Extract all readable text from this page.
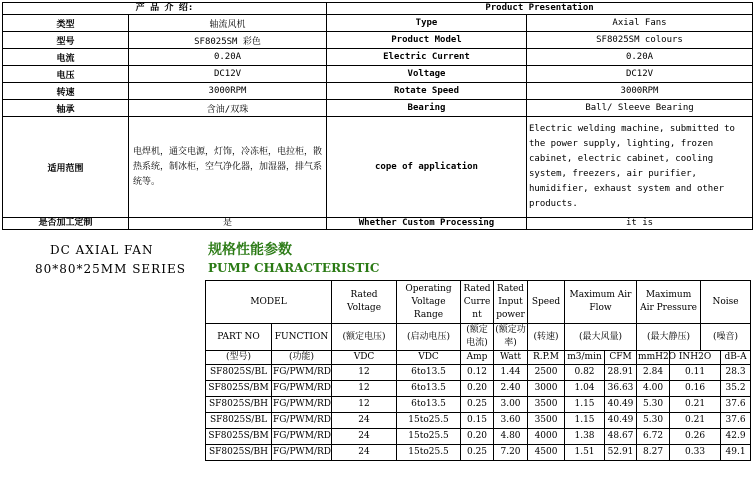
产 品 介 绍:		Product Presentation	
类型	轴流风机	Type	Axial Fans
型号	SF8025SM 彩色	Product Model	SF8025SM colours
电流	0.20A	Electric Current	0.20A
电压	DC12V	Voltage	DC12V
转速	3000RPM	Rotate Speed	3000RPM
轴承	含油/双珠	Bearing	Ball/ Sleeve Bearing
适用范围	电焊机，通交电源，灯饰，冷冻柜，电拉柜，散热系统，制冰柜，空气净化器，加湿器，排气系统等。	cope of application	Electric welding machine, submitted to the power supply, lighting, frozen cabinet, electric cabinet, cooling system, freezers, air purifier, humidifier, exhaust system and other products.
是否加工定制	是	Whether Custom Processing	it is
DC AXIAL FAN
80*80*25MM SERIES
规格性能参数
PUMP CHARACTERISTIC
MODEL		Rated Voltage	Operating Voltage Range	Rated Curre nt	Rated Input power	Speed	Maximum Air Flow		Maximum Air Pressure		Noise	
PART NO	FUNCTION	(额定电压)	(启动电压)	(额定电流)	(额定功率)	(转速)	(最大风量)		(最大静压)		(噪音)	
(型号)	(功能)	VDC	VDC	Amp	Watt	R.P.M	m3/min	CFM	mmH2O	INH2O		dB-A
SF8025S/BL	FG/PWM/RD	12	6to13.5	0.12	1.44	2500	0.82	28.91	2.84	0.11		28.3
SF8025S/BM	FG/PWM/RD	12	6to13.5	0.20	2.40	3000	1.04	36.63	4.00	0.16		35.2
SF8025S/BH	FG/PWM/RD	12	6to13.5	0.25	3.00	3500	1.15	40.49	5.30	0.21		37.6
SF8025S/BL	FG/PWM/RD	24	15to25.5	0.15	3.60	3500	1.15	40.49	5.30	0.21		37.6
SF8025S/BM	FG/PWM/RD	24	15to25.5	0.20	4.80	4000	1.38	48.67	6.72	0.26		42.9
SF8025S/BH	FG/PWM/RD	24	15to25.5	0.25	7.20	4500	1.51	52.91	8.27	0.33		49.1
